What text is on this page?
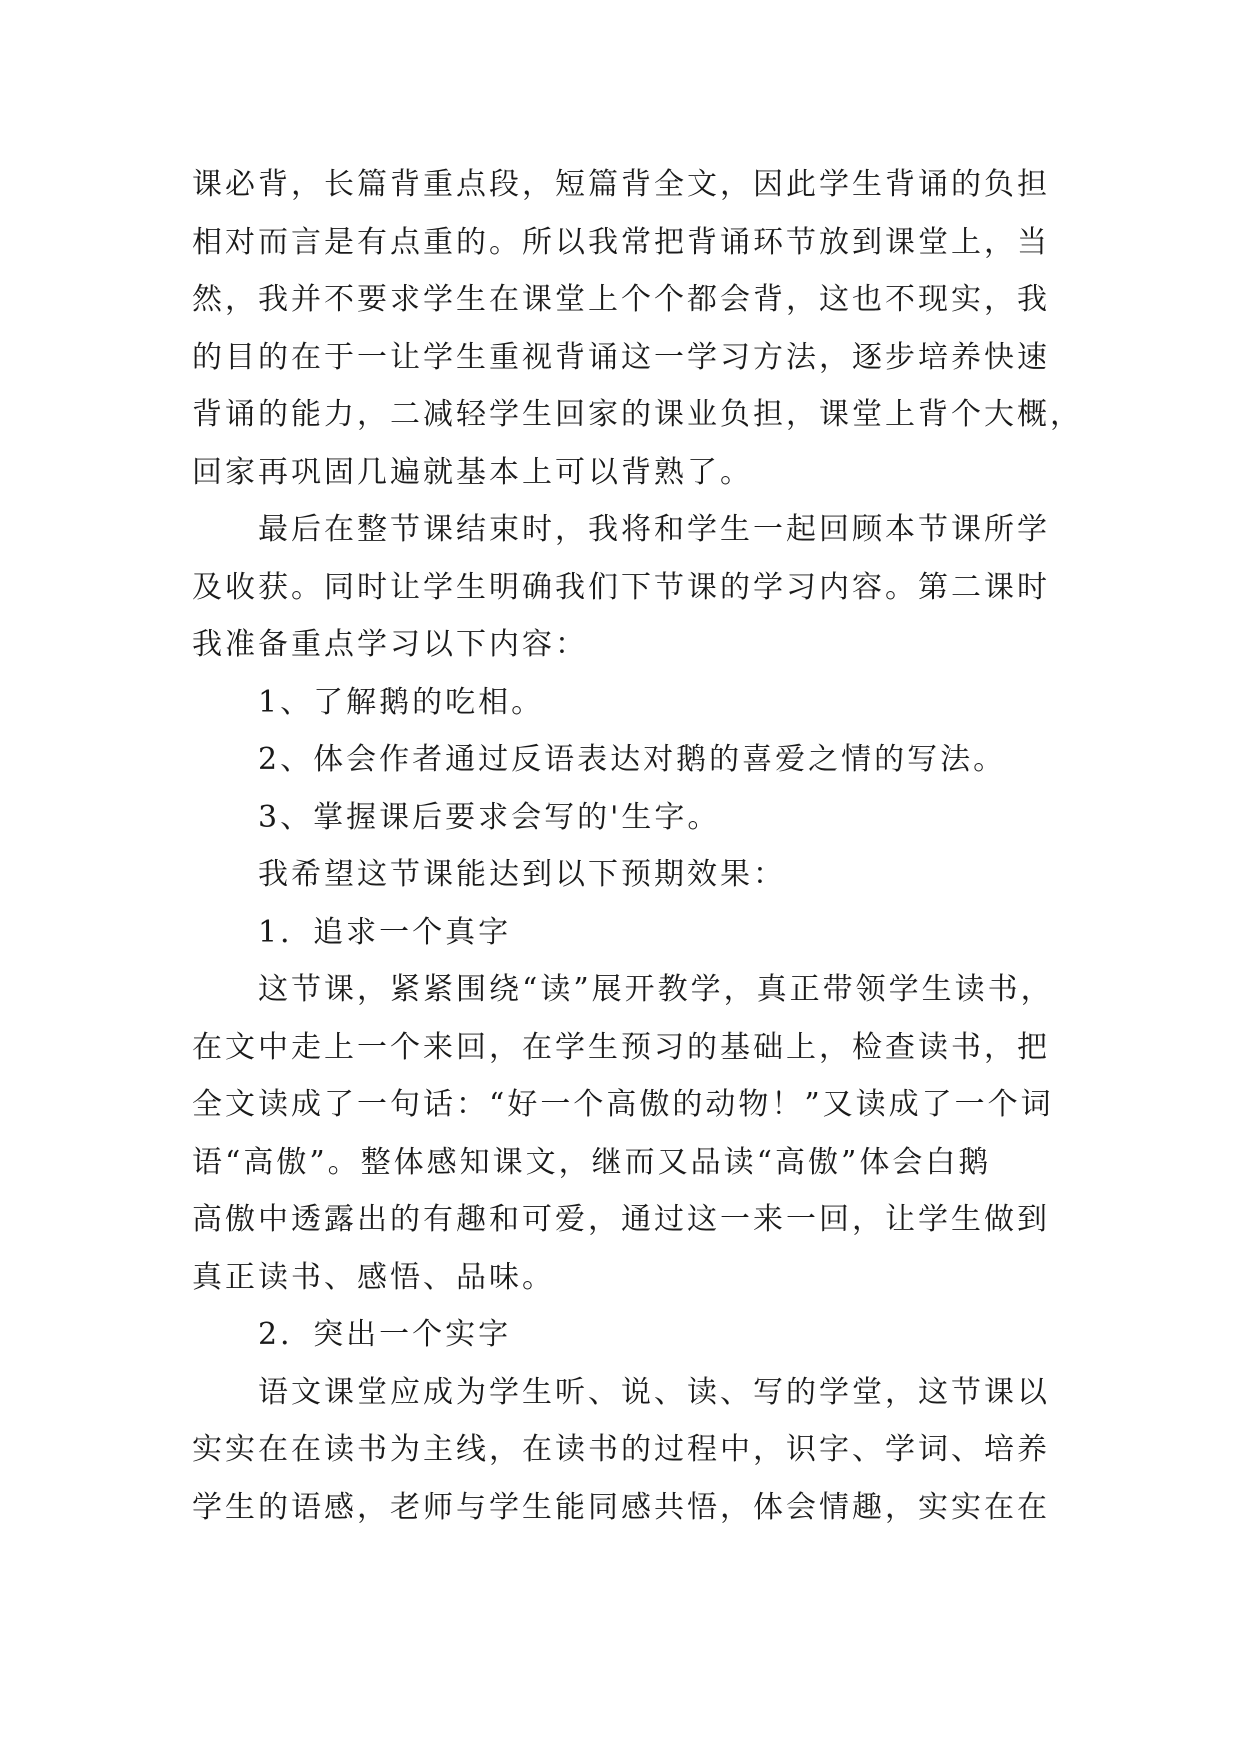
课必背，长篇背重点段，短篇背全文，因此学生背诵的负担
相对而言是有点重的。所以我常把背诵环节放到课堂上，当
然，我并不要求学生在课堂上个个都会背，这也不现实，我
的目的在于一让学生重视背诵这一学习方法，逐步培养快速
背诵的能力，二减轻学生回家的课业负担，课堂上背个大概，
回家再巩固几遍就基本上可以背熟了。
　　最后在整节课结束时，我将和学生一起回顾本节课所学
及收获。同时让学生明确我们下节课的学习内容。第二课时
我准备重点学习以下内容：
　　1、了解鹅的吃相。
　　2、体会作者通过反语表达对鹅的喜爱之情的写法。
　　3、掌握课后要求会写的'生字。
　　我希望这节课能达到以下预期效果：
　　1．追求一个真字
　　这节课，紧紧围绕“读”展开教学，真正带领学生读书，
在文中走上一个来回，在学生预习的基础上，检查读书，把
全文读成了一句话：“好一个高傲的动物！”又读成了一个词
语“高傲”。整体感知课文，继而又品读“高傲”体会白鹅
高傲中透露出的有趣和可爱，通过这一来一回，让学生做到
真正读书、感悟、品味。
　　2．突出一个实字
　　语文课堂应成为学生听、说、读、写的学堂，这节课以
实实在在读书为主线，在读书的过程中，识字、学词、培养
学生的语感，老师与学生能同感共悟，体会情趣，实实在在
